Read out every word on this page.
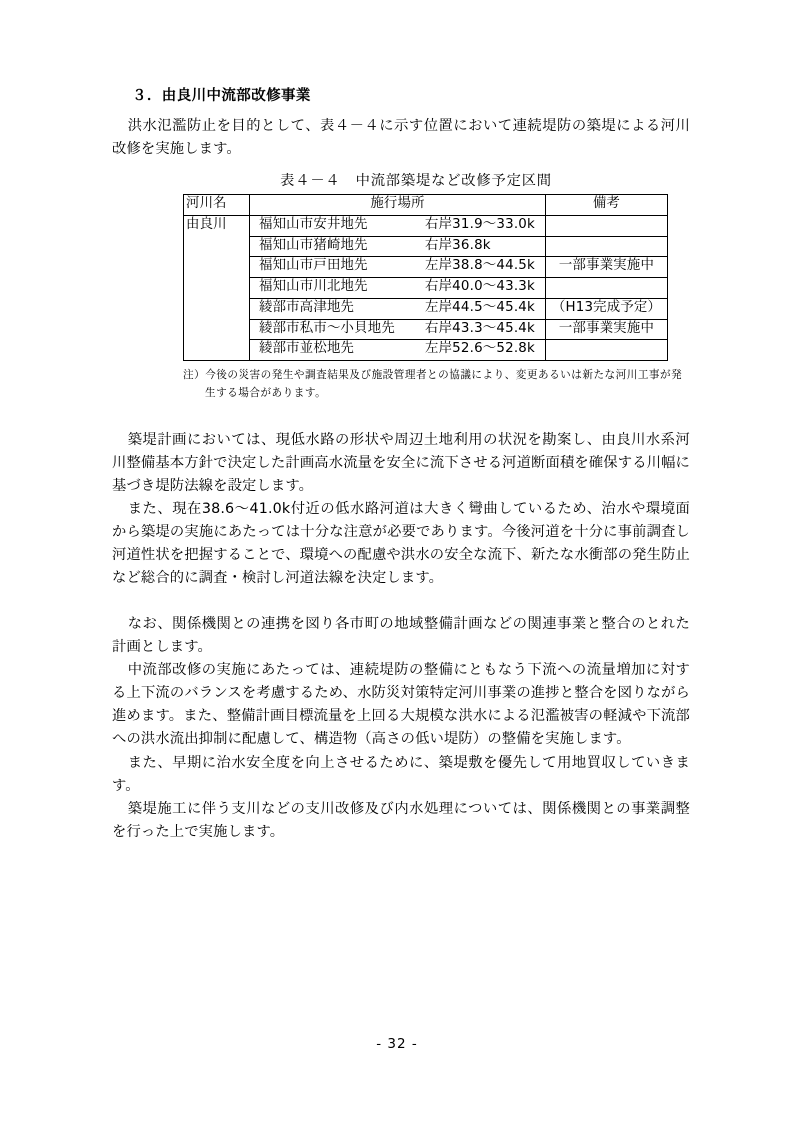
３．由良川中流部改修事業

洪水氾濫防止を目的として、表４－４に示す位置において連続堤防の築堤による河川改修を実施します。

表４－４　中流部築堤など改修予定区間
河川名	施行場所	備考
由良川	福知山市安井地先 右岸31.9～33.0k	

	福知山市猪崎地先 右岸36.8k	

	福知山市戸田地先 左岸38.8～44.5k	一部事業実施中

	福知山市川北地先 右岸40.0～43.3k	

	綾部市高津地先 左岸44.5～45.4k	（H13完成予定）

	綾部市私市～小貝地先 右岸43.3～45.4k	一部事業実施中

	綾部市並松地先 左岸52.6～52.8k	

注）今後の災害の発生や調査結果及び施設管理者との協議により、変更あるいは新たな河川工事が発
生する場合があります。

築堤計画においては、現低水路の形状や周辺土地利用の状況を勘案し、由良川水系河川整備基本方針で決定した計画高水流量を安全に流下させる河道断面積を確保する川幅に基づき堤防法線を設定します。

また、現在38.6～41.0k付近の低水路河道は大きく彎曲しているため、治水や環境面から築堤の実施にあたっては十分な注意が必要であります。今後河道を十分に事前調査し河道性状を把握することで、環境への配慮や洪水の安全な流下、新たな水衝部の発生防止など総合的に調査・検討し河道法線を決定します。

なお、関係機関との連携を図り各市町の地域整備計画などの関連事業と整合のとれた計画とします。

中流部改修の実施にあたっては、連続堤防の整備にともなう下流への流量増加に対する上下流のバランスを考慮するため、水防災対策特定河川事業の進捗と整合を図りながら進めます。また、整備計画目標流量を上回る大規模な洪水による氾濫被害の軽減や下流部への洪水流出抑制に配慮して、構造物（高さの低い堤防）の整備を実施します。

また、早期に治水安全度を向上させるために、築堤敷を優先して用地買収していきます。

築堤施工に伴う支川などの支川改修及び内水処理については、関係機関との事業調整を行った上で実施します。

- 32 -
